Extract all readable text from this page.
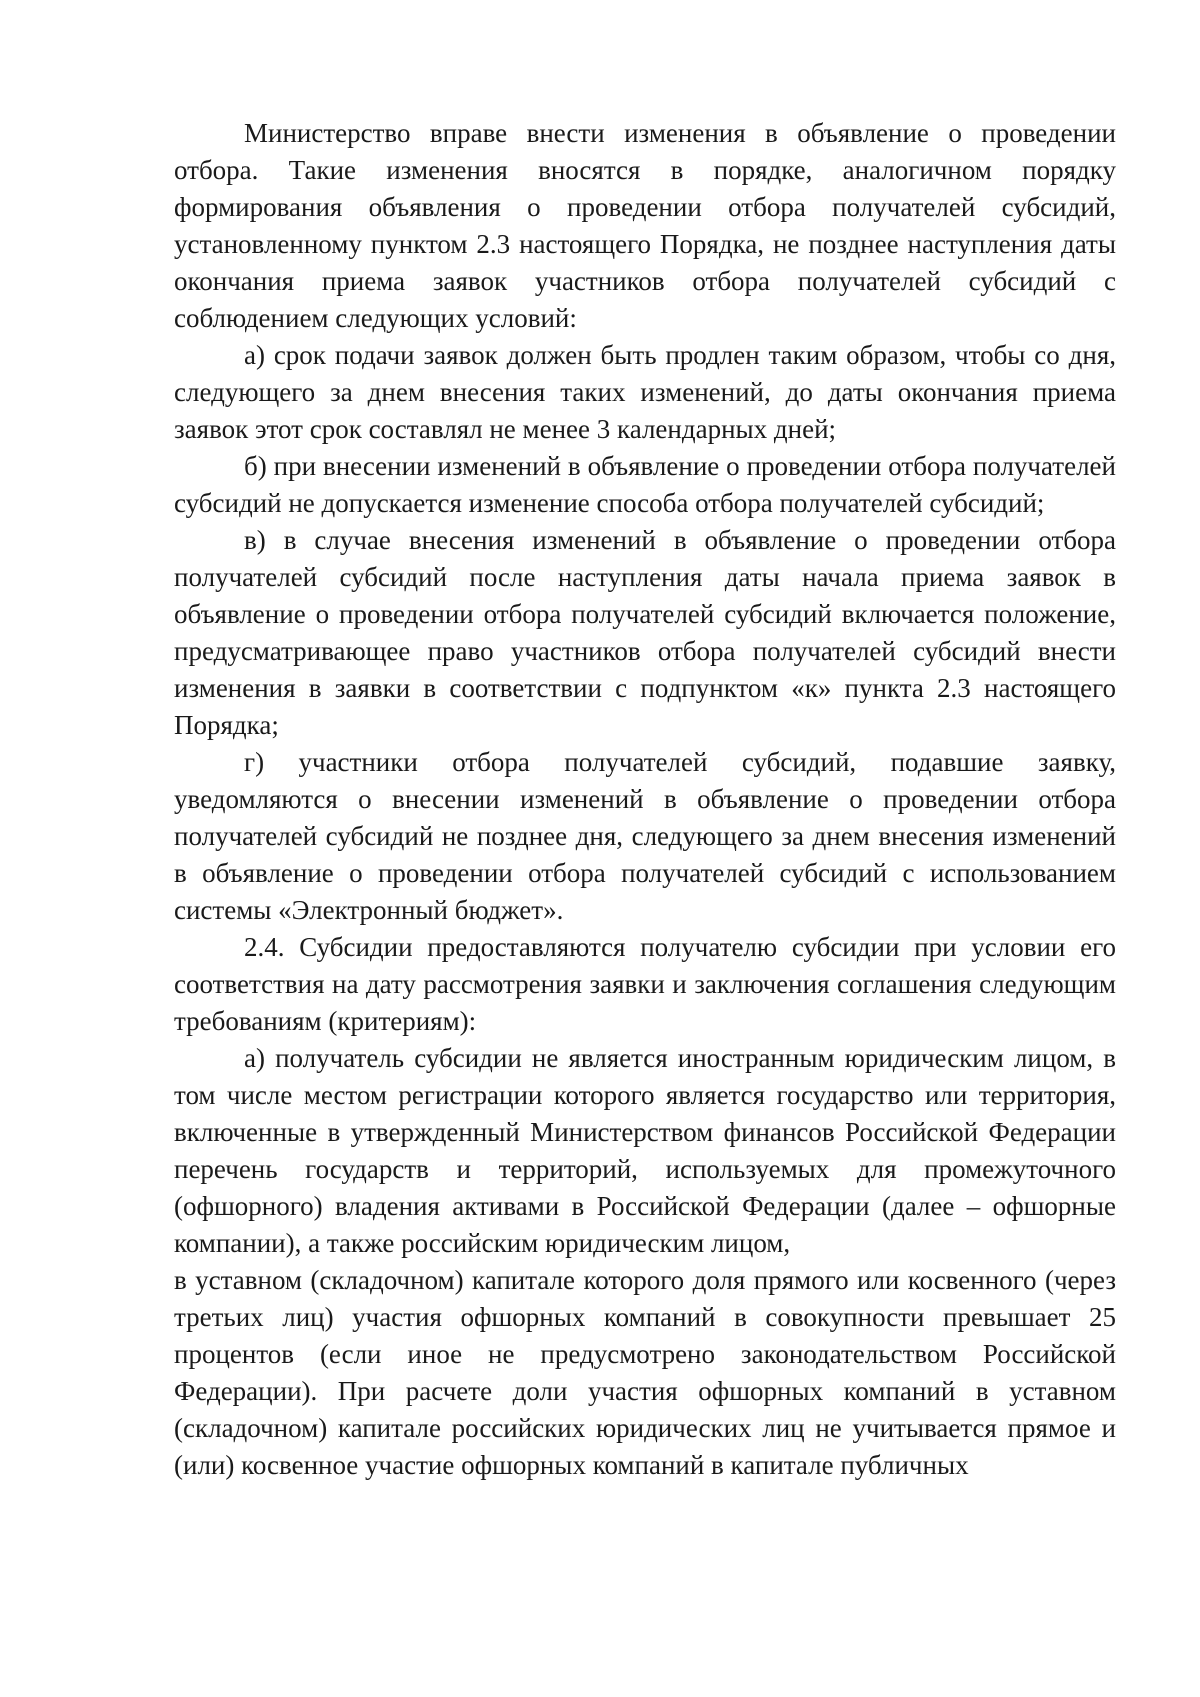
Министерство вправе внести изменения в объявление о проведении отбора. Такие изменения вносятся в порядке, аналогичном порядку формирования объявления о проведении отбора получателей субсидий, установленному пунктом 2.3 настоящего Порядка, не позднее наступления даты окончания приема заявок участников отбора получателей субсидий с соблюдением следующих условий:

а) срок подачи заявок должен быть продлен таким образом, чтобы со дня, следующего за днем внесения таких изменений, до даты окончания приема заявок этот срок составлял не менее 3 календарных дней;

б) при внесении изменений в объявление о проведении отбора получателей субсидий не допускается изменение способа отбора получателей субсидий;

в) в случае внесения изменений в объявление о проведении отбора получателей субсидий после наступления даты начала приема заявок в объявление о проведении отбора получателей субсидий включается положение, предусматривающее право участников отбора получателей субсидий внести изменения в заявки в соответствии с подпунктом «к» пункта 2.3 настоящего Порядка;

г) участники отбора получателей субсидий, подавшие заявку, уведомляются о внесении изменений в объявление о проведении отбора получателей субсидий не позднее дня, следующего за днем внесения изменений в объявление о проведении отбора получателей субсидий с использованием системы «Электронный бюджет».

2.4. Субсидии предоставляются получателю субсидии при условии его соответствия на дату рассмотрения заявки и заключения соглашения следующим требованиям (критериям):

а) получатель субсидии не является иностранным юридическим лицом, в том числе местом регистрации которого является государство или территория, включенные в утвержденный Министерством финансов Российской Федерации перечень государств и территорий, используемых для промежуточного (офшорного) владения активами в Российской Федерации (далее – офшорные компании), а также российским юридическим лицом,

в уставном (складочном) капитале которого доля прямого или косвенного (через третьих лиц) участия офшорных компаний в совокупности превышает 25 процентов (если иное не предусмотрено законодательством Российской Федерации). При расчете доли участия офшорных компаний в уставном (складочном) капитале российских юридических лиц не учитывается прямое и (или) косвенное участие офшорных компаний в капитале публичных
